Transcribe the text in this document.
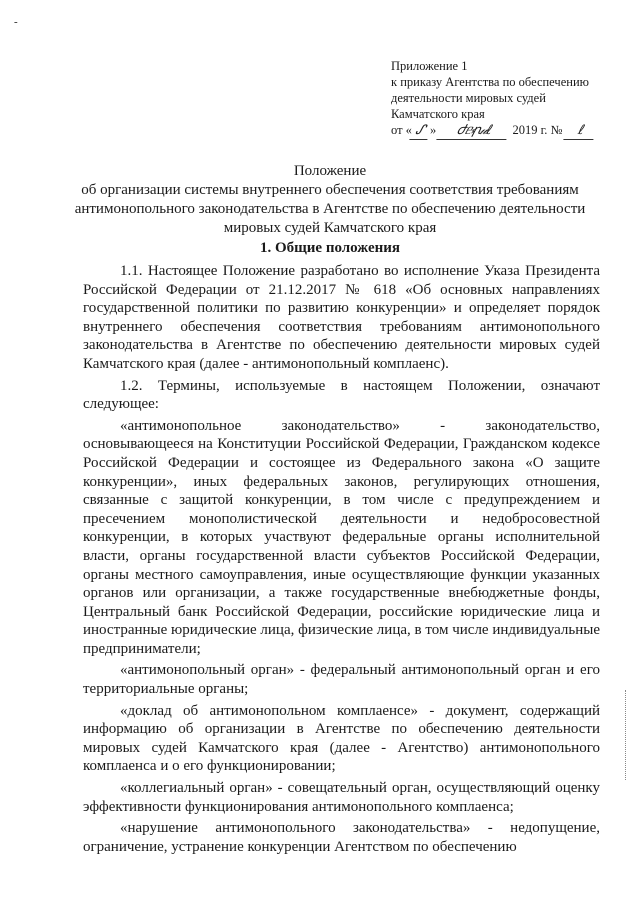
-
Приложение 1
к приказу Агентства по обеспечению
деятельности мировых судей
Камчатского края
от « ᔑ » ժᥱ⳽ꞃ𝓊ℓ 2019 г. № ℓ
Положение
об организации системы внутреннего обеспечения соответствия требованиям
антимонопольного законодательства в Агентстве по обеспечению деятельности
мировых судей Камчатского края
1. Общие положения

1.1. Настоящее Положение разработано во исполнение Указа Президента Российской Федерации от 21.12.2017 № 618 «Об основных направлениях государственной политики по развитию конкуренции» и определяет порядок внутреннего обеспечения соответствия требованиям антимонопольного законодательства в Агентстве по обеспечению деятельности мировых судей Камчатского края (далее - антимонопольный комплаенс).

1.2. Термины, используемые в настоящем Положении, означают следующее:

«антимонопольное законодательство» - законодательство, основывающееся на Конституции Российской Федерации, Гражданском кодексе Российской Федерации и состоящее из Федерального закона «О защите конкуренции», иных федеральных законов, регулирующих отношения, связанные с защитой конкуренции, в том числе с предупреждением и пресечением монополистической деятельности и недобросовестной конкуренции, в которых участвуют федеральные органы исполнительной власти, органы государственной власти субъектов Российской Федерации, органы местного самоуправления, иные осуществляющие функции указанных органов или организации, а также государственные внебюджетные фонды, Центральный банк Российской Федерации, российские юридические лица и иностранные юридические лица, физические лица, в том числе индивидуальные предприниматели;

«антимонопольный орган» - федеральный антимонопольный орган и его территориальные органы;

«доклад об антимонопольном комплаенсе» - документ, содержащий информацию об организации в Агентстве по обеспечению деятельности мировых судей Камчатского края (далее - Агентство) антимонопольного комплаенса и о его функционировании;

«коллегиальный орган» - совещательный орган, осуществляющий оценку эффективности функционирования антимонопольного комплаенса;

«нарушение антимонопольного законодательства» - недопущение, ограничение, устранение конкуренции Агентством по обеспечению
